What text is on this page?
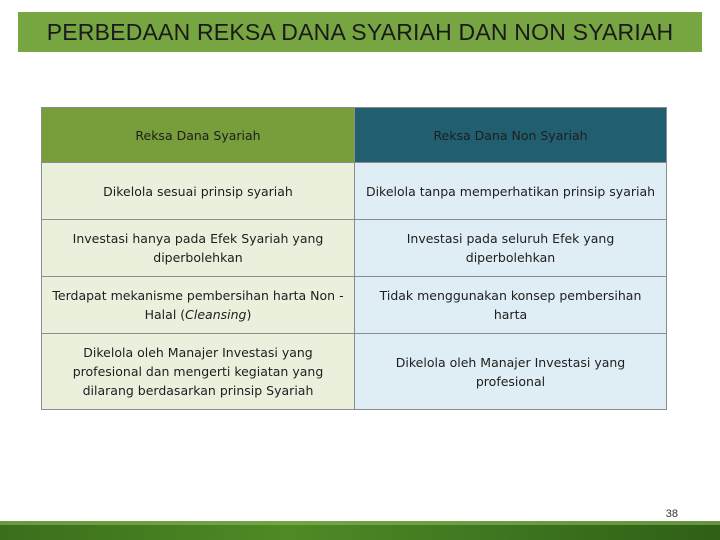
PERBEDAAN REKSA DANA SYARIAH DAN NON SYARIAH
Reksa Dana Syariah	Reksa Dana Non Syariah
Dikelola sesuai prinsip syariah	Dikelola tanpa memperhatikan prinsip syariah
Investasi hanya pada Efek Syariah yang diperbolehkan	Investasi pada seluruh Efek yang diperbolehkan
Terdapat mekanisme pembersihan harta Non -Halal (Cleansing)	Tidak menggunakan konsep pembersihan harta
Dikelola oleh Manajer Investasi yang profesional dan mengerti kegiatan yang dilarang berdasarkan prinsip Syariah	Dikelola oleh Manajer Investasi yang profesional
38
